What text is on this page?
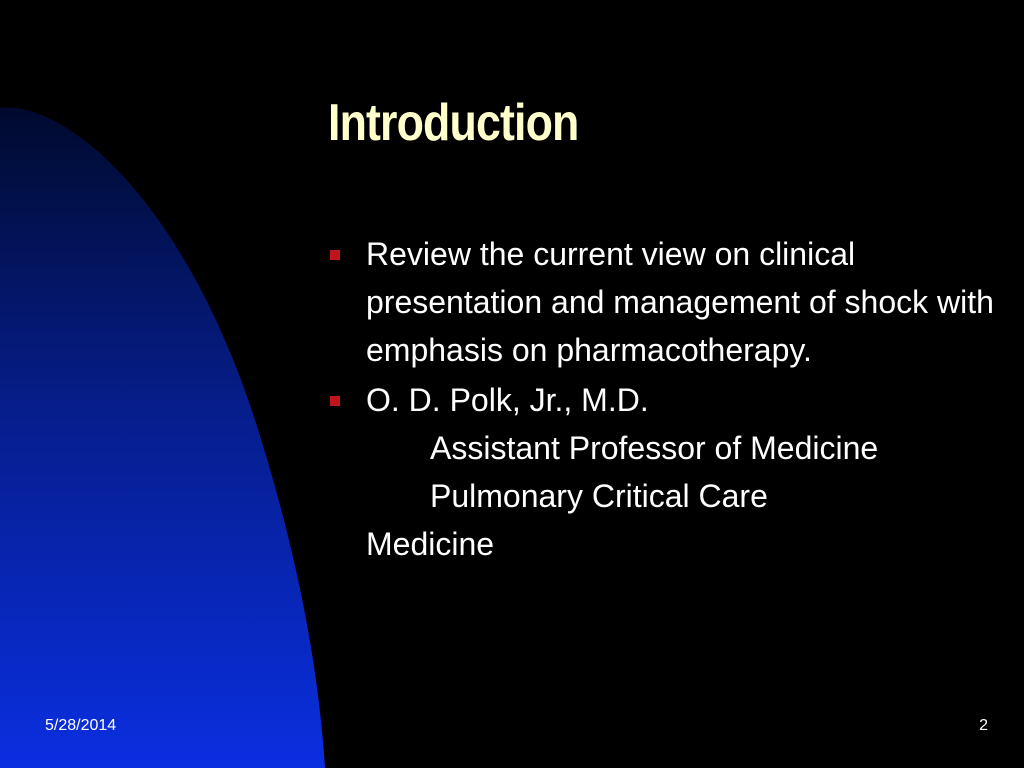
Introduction
Review the current view on clinical presentation and management of shock with emphasis on pharmacotherapy.
O. D. Polk, Jr., M.D.
Assistant Professor of Medicine
Pulmonary Critical Care
Medicine
5/28/2014	2
